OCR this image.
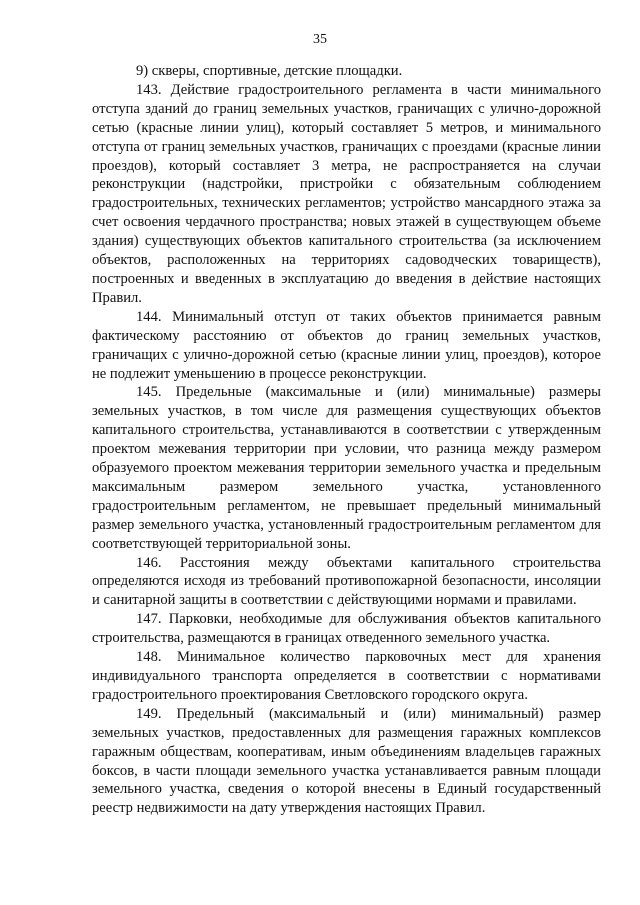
35

9) скверы, спортивные, детские площадки.

143. Действие градостроительного регламента в части минимального отступа зданий до границ земельных участков, граничащих с улично-дорожной сетью (красные линии улиц), который составляет 5 метров, и минимального отступа от границ земельных участков, граничащих с проездами (красные линии проездов), который составляет 3 метра, не распространяется на случаи реконструкции (надстройки, пристройки с обязательным соблюдением градостроительных, технических регламентов; устройство мансардного этажа за счет освоения чердачного пространства; новых этажей в существующем объеме здания) существующих объектов капитального строительства (за исключением объектов, расположенных на территориях садоводческих товариществ), построенных и введенных в эксплуатацию до введения в действие настоящих Правил.

144. Минимальный отступ от таких объектов принимается равным фактическому расстоянию от объектов до границ земельных участков, граничащих с улично-дорожной сетью (красные линии улиц, проездов), которое не подлежит уменьшению в процессе реконструкции.

145. Предельные (максимальные и (или) минимальные) размеры земельных участков, в том числе для размещения существующих объектов капитального строительства, устанавливаются в соответствии с утвержденным проектом межевания территории при условии, что разница между размером образуемого проектом межевания территории земельного участка и предельным максимальным размером земельного участка, установленного градостроительным регламентом, не превышает предельный минимальный размер земельного участка, установленный градостроительным регламентом для соответствующей территориальной зоны.

146. Расстояния между объектами капитального строительства определяются исходя из требований противопожарной безопасности, инсоляции и санитарной защиты в соответствии с действующими нормами и правилами.

147. Парковки, необходимые для обслуживания объектов капитального строительства, размещаются в границах отведенного земельного участка.

148. Минимальное количество парковочных мест для хранения индивидуального транспорта определяется в соответствии с нормативами градостроительного проектирования Светловского городского округа.

149. Предельный (максимальный и (или) минимальный) размер земельных участков, предоставленных для размещения гаражных комплексов гаражным обществам, кооперативам, иным объединениям владельцев гаражных боксов, в части площади земельного участка устанавливается равным площади земельного участка, сведения о которой внесены в Единый государственный реестр недвижимости на дату утверждения настоящих Правил.
